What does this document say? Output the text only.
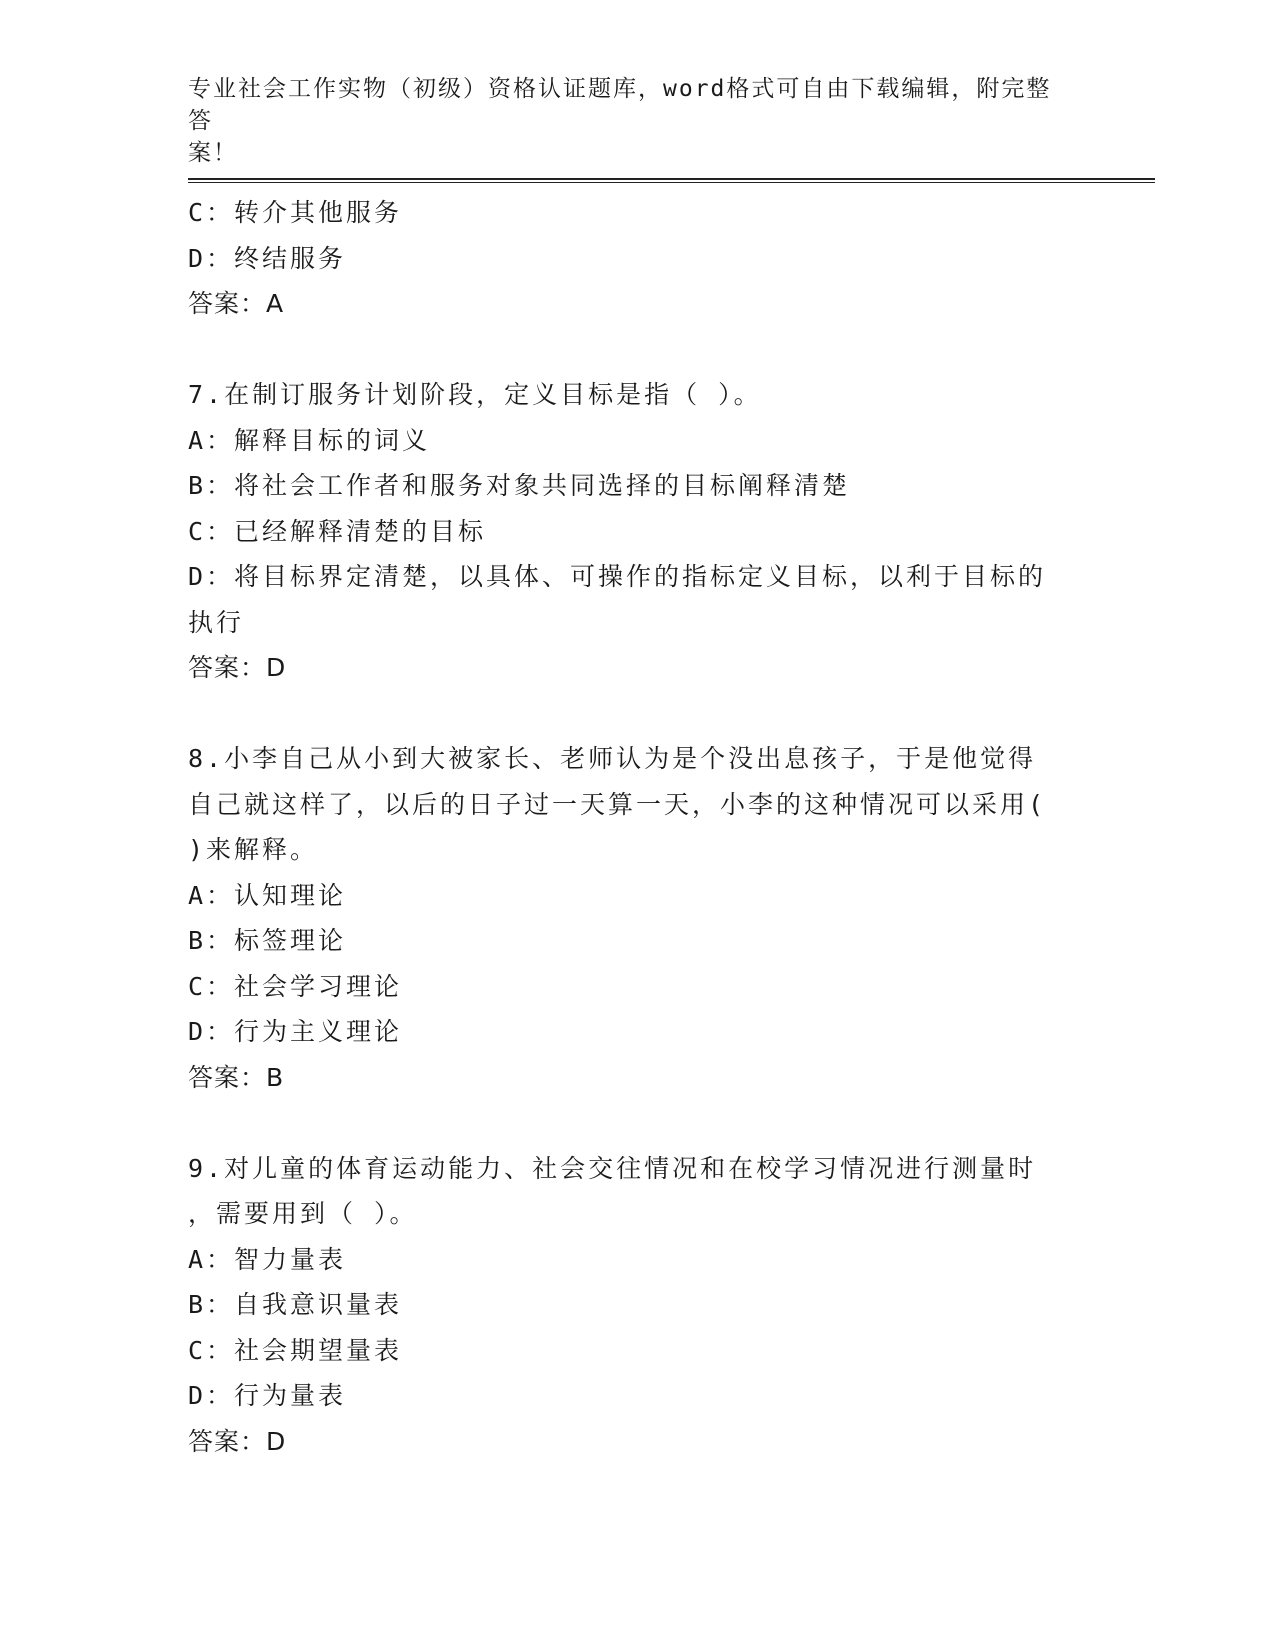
专业社会工作实物（初级）资格认证题库，word格式可自由下载编辑，附完整答
案！

C：转介其他服务

D：终结服务

答案：A

7.在制订服务计划阶段，定义目标是指（ ）。

A：解释目标的词义

B：将社会工作者和服务对象共同选择的目标阐释清楚

C：已经解释清楚的目标

D：将目标界定清楚，以具体、可操作的指标定义目标，以利于目标的

执行

答案：D

8.小李自己从小到大被家长、老师认为是个没出息孩子，于是他觉得

自己就这样了，以后的日子过一天算一天，小李的这种情况可以采用(

)来解释。

A：认知理论

B：标签理论

C：社会学习理论

D：行为主义理论

答案：B

9.对儿童的体育运动能力、社会交往情况和在校学习情况进行测量时

，需要用到（ ）。

A：智力量表

B：自我意识量表

C：社会期望量表

D：行为量表

答案：D
